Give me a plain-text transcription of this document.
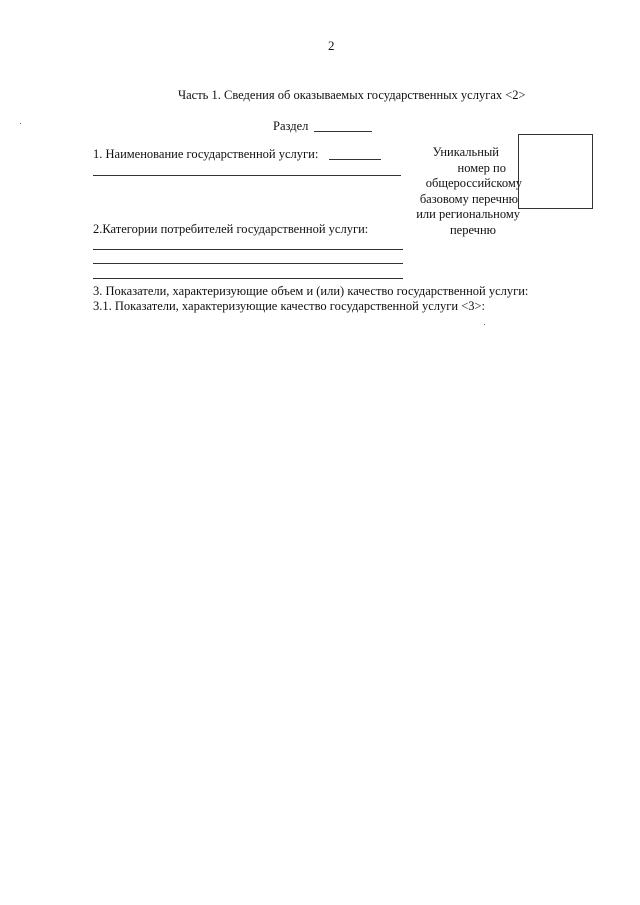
2
Часть 1. Сведения об оказываемых государственных услугах <2>
Раздел
1. Наименование государственной услуги:	Уникальный
номер по
общероссийскому
базовому перечню
или региональному
перечню
2.Категории потребителей государственной услуги:
3. Показатели, характеризующие объем и (или) качество государственной услуги:
3.1. Показатели, характеризующие качество государственной услуги <3>:
